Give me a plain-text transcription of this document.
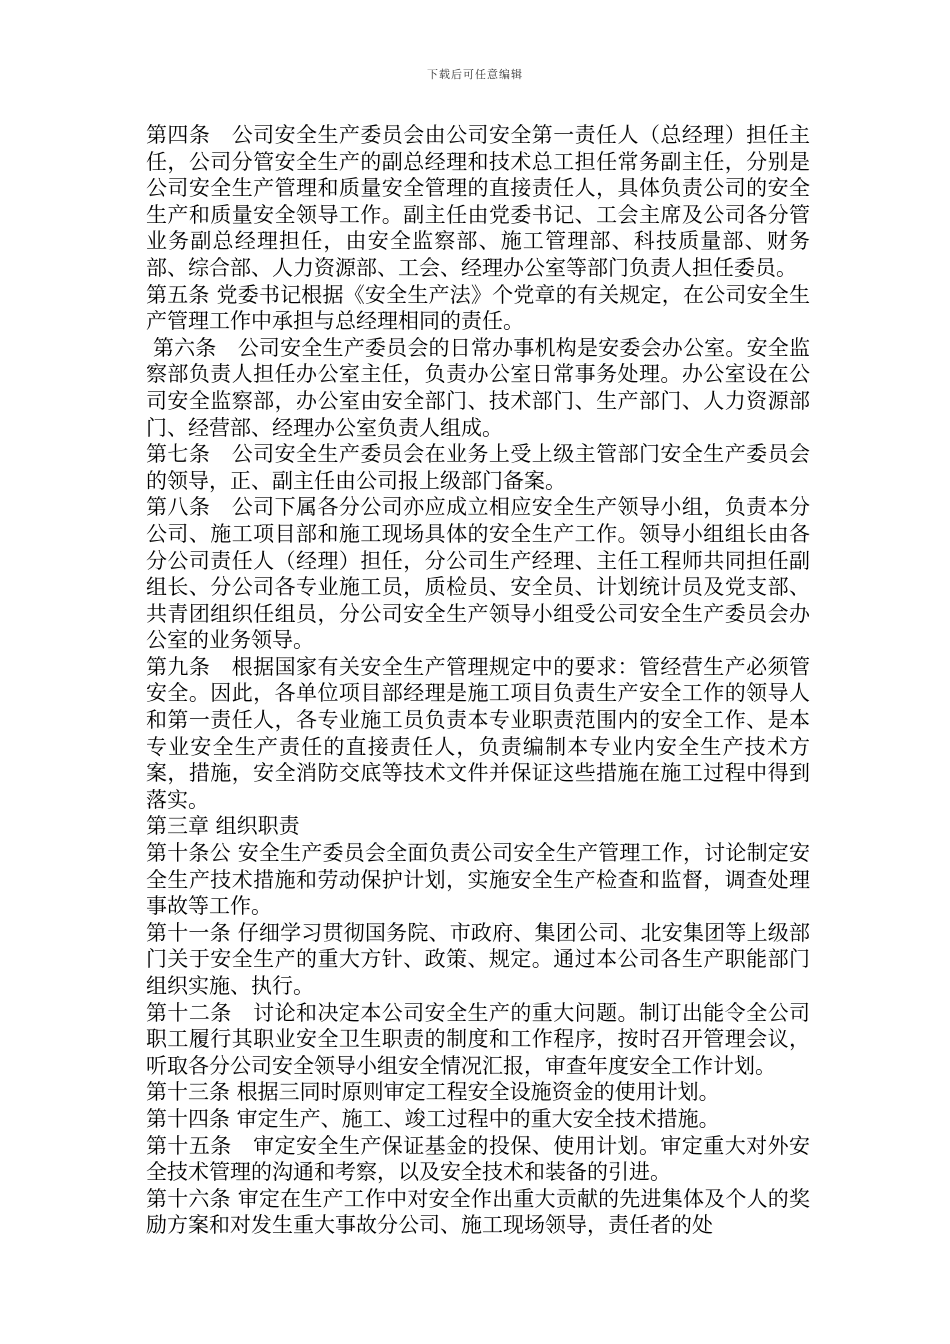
下载后可任意编辑

第四条　公司安全生产委员会由公司安全第一责任人（总经理）担任主任，公司分管安全生产的副总经理和技术总工担任常务副主任，分别是公司安全生产管理和质量安全管理的直接责任人，具体负责公司的安全生产和质量安全领导工作。副主任由党委书记、工会主席及公司各分管业务副总经理担任，由安全监察部、施工管理部、科技质量部、财务部、综合部、人力资源部、工会、经理办公室等部门负责人担任委员。

第五条 党委书记根据《安全生产法》个党章的有关规定，在公司安全生产管理工作中承担与总经理相同的责任。

第六条　公司安全生产委员会的日常办事机构是安委会办公室。安全监察部负责人担任办公室主任，负责办公室日常事务处理。办公室设在公司安全监察部，办公室由安全部门、技术部门、生产部门、人力资源部门、经营部、经理办公室负责人组成。

第七条　公司安全生产委员会在业务上受上级主管部门安全生产委员会的领导，正、副主任由公司报上级部门备案。

第八条　公司下属各分公司亦应成立相应安全生产领导小组，负责本分公司、施工项目部和施工现场具体的安全生产工作。领导小组组长由各分公司责任人（经理）担任，分公司生产经理、主任工程师共同担任副组长、分公司各专业施工员，质检员、安全员、计划统计员及党支部、共青团组织任组员，分公司安全生产领导小组受公司安全生产委员会办公室的业务领导。

第九条　根据国家有关安全生产管理规定中的要求：管经营生产必须管安全。因此，各单位项目部经理是施工项目负责生产安全工作的领导人和第一责任人，各专业施工员负责本专业职责范围内的安全工作、是本专业安全生产责任的直接责任人，负责编制本专业内安全生产技术方案，措施，安全消防交底等技术文件并保证这些措施在施工过程中得到落实。

第三章 组织职责

第十条公 安全生产委员会全面负责公司安全生产管理工作，讨论制定安全生产技术措施和劳动保护计划，实施安全生产检查和监督，调查处理事故等工作。

第十一条 仔细学习贯彻国务院、市政府、集团公司、北安集团等上级部门关于安全生产的重大方针、政策、规定。通过本公司各生产职能部门组织实施、执行。

第十二条　讨论和决定本公司安全生产的重大问题。制订出能令全公司职工履行其职业安全卫生职责的制度和工作程序，按时召开管理会议，听取各分公司安全领导小组安全情况汇报，审查年度安全工作计划。

第十三条 根据三同时原则审定工程安全设施资金的使用计划。

第十四条 审定生产、施工、竣工过程中的重大安全技术措施。

第十五条　审定安全生产保证基金的投保、使用计划。审定重大对外安全技术管理的沟通和考察，以及安全技术和装备的引进。

第十六条 审定在生产工作中对安全作出重大贡献的先进集体及个人的奖励方案和对发生重大事故分公司、施工现场领导，责任者的处
